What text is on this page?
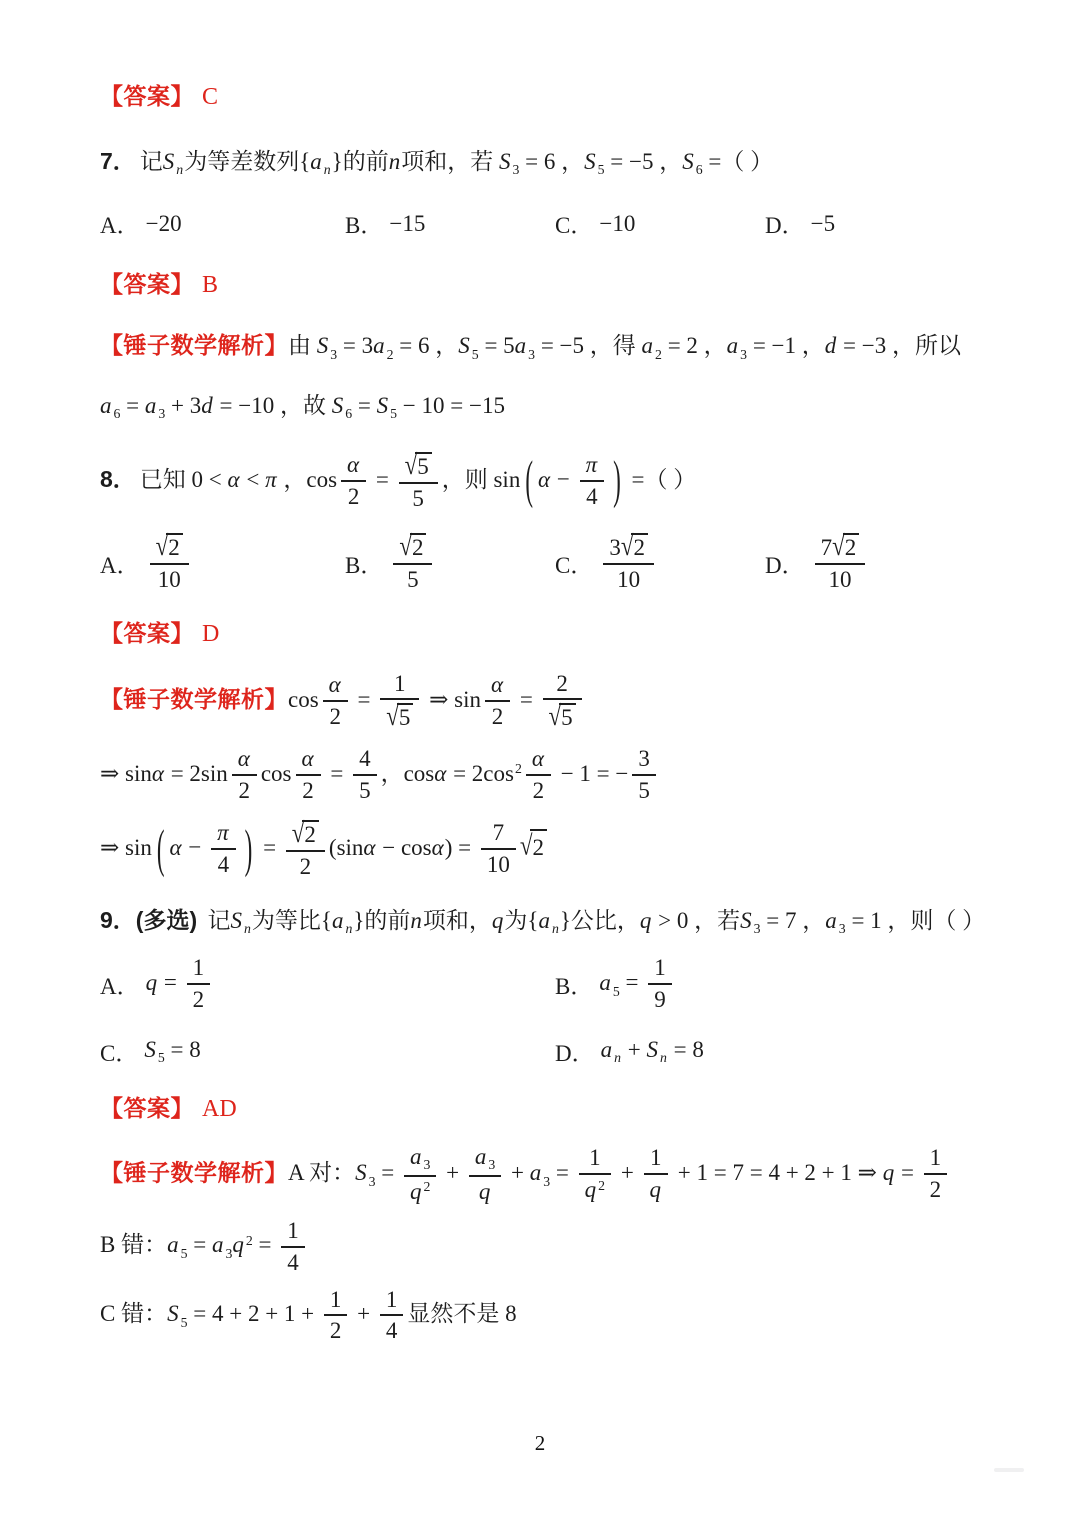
【答案】 C
7． 记S $_n$为等差数列{a $_n$}的前n项和，若 S $_3$ = 6 ，S $_5$ = −5 ，S $_6$ =（ ）
A． −20	B． −15	C． −10	D． −5
【答案】 B
【锤子数学解析】由 S $_3$ = 3a $_2$ = 6 ，S $_5$ = 5a $_3$ = −5 ，得 a $_2$ = 2 ，a $_3$ = −1 ，d = −3 ，所以
a $_6$ = a $_3$ + 3d = −10 ，故 S $_6$ = S $_5$ − 10 = −15
8． 已知 0 < α < π ，$\cos \frac{\alpha}{2} = \frac{√5}{5}$ ，则 sin ( $\alpha - \frac{\pi}{4}$ ) =（ ）
A． $\frac{√2}{10}$	B． $\frac{√2}{5}$	C． $\frac{3√2}{10}$	D． $\frac{7√2}{10}$
【答案】 D
【锤子数学解析】$\cos \frac{\alpha}{2} = \frac{1}{√5}$ ⇒ $\sin \frac{\alpha}{2} = \frac{2}{√5}$
⇒ $\sin\alpha = 2\sin \frac{\alpha}{2}$ $\cos \frac{\alpha}{2} = \frac{4}{5}$ ，$\cos\alpha = 2\cos^2 \frac{\alpha}{2} - 1$ = − $\frac{3}{5}$
⇒ sin ( $\alpha - \frac{\pi}{4}$ ) = $\frac{√2}{2} (\sin\alpha - \cos\alpha) = \frac{7}{10} √2$
9．(多选) 记S $_n$为等比{a $_n$}的前n项和，q为{a $_n$}公比，q > 0 ，若S $_3$ = 7 ，a $_3$ = 1 ，则（ ）
A． $q = \frac{1}{2}$	B． a $_5 = \frac{1}{9}$
C． S $_5$ = 8	D． a $_n$ + S $_n$ = 8
【答案】 AD
【锤子数学解析】A 对：S $_3 = \frac{a _3}{q ^2} + \frac{a _3}{q} + a$ $_3 = \frac{1}{q ^2} + \frac{1}{q} + 1 = 7 = 4 + 2 + 1$ ⇒ $q = \frac{1}{2}$
B 错：a $_5$ = a $_3$q $^2 = \frac{1}{4}$
C 错：S $_5 = 4 + 2 + 1 + \frac{1}{2} + \frac{1}{4}$ 显然不是 8
2
